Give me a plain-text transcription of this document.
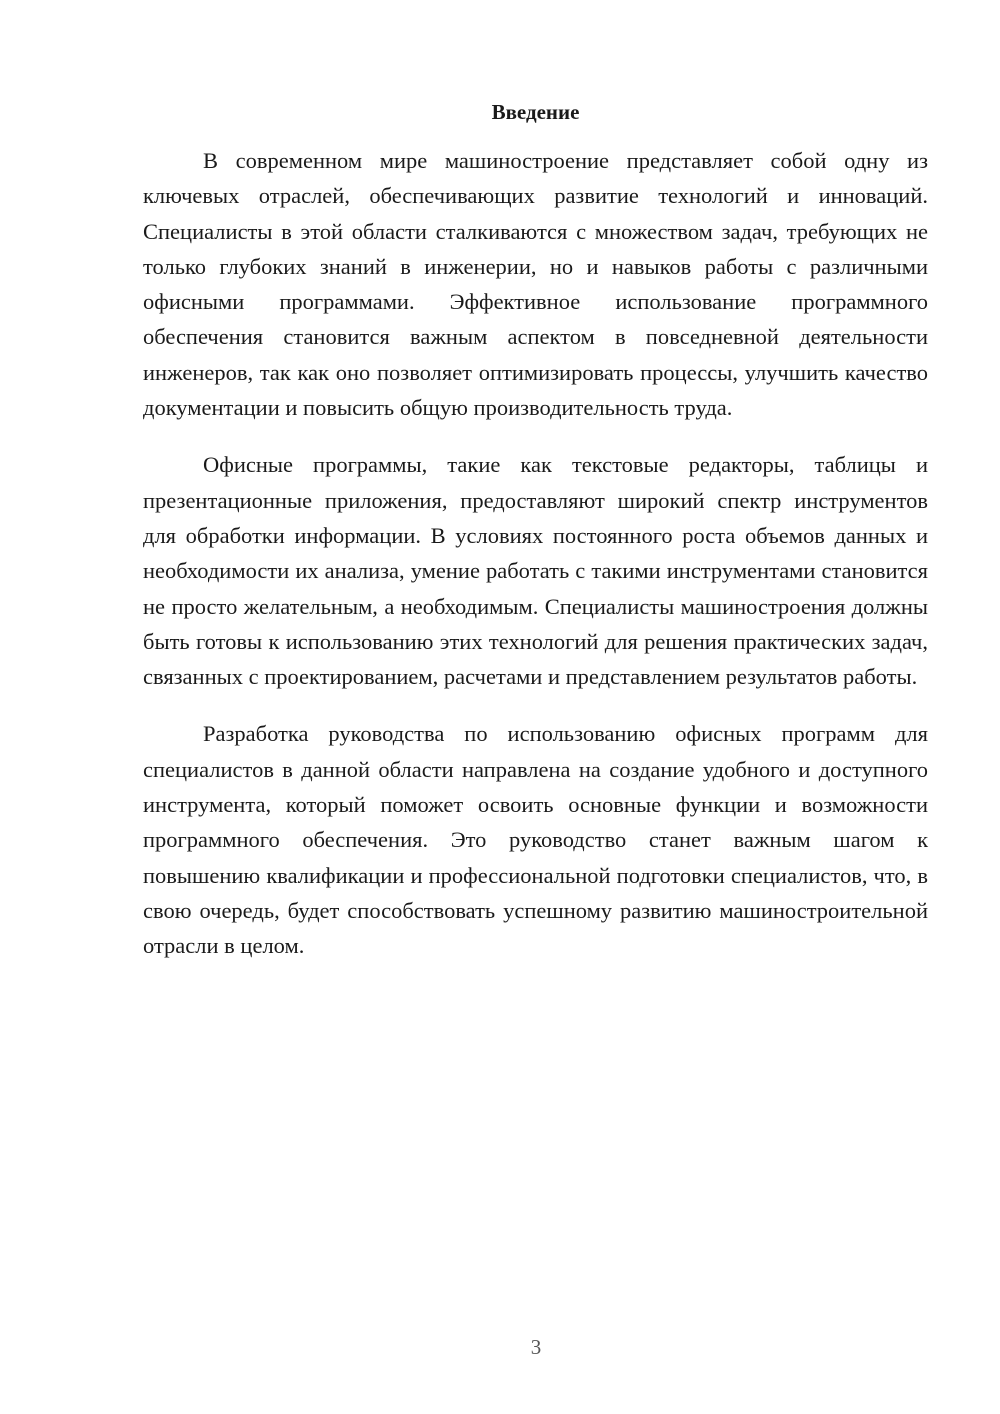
Введение

В современном мире машиностроение представляет собой одну из ключевых отраслей, обеспечивающих развитие технологий и инноваций. Специалисты в этой области сталкиваются с множеством задач, требующих не только глубоких знаний в инженерии, но и навыков работы с различными офисными программами. Эффективное использование программного обеспечения становится важным аспектом в повседневной деятельности инженеров, так как оно позволяет оптимизировать процессы, улучшить качество документации и повысить общую производительность труда.

Офисные программы, такие как текстовые редакторы, таблицы и презентационные приложения, предоставляют широкий спектр инструментов для обработки информации. В условиях постоянного роста объемов данных и необходимости их анализа, умение работать с такими инструментами становится не просто желательным, а необходимым. Специалисты машиностроения должны быть готовы к использованию этих технологий для решения практических задач, связанных с проектированием, расчетами и представлением результатов работы.

Разработка руководства по использованию офисных программ для специалистов в данной области направлена на создание удобного и доступного инструмента, который поможет освоить основные функции и возможности программного обеспечения. Это руководство станет важным шагом к повышению квалификации и профессиональной подготовки специалистов, что, в свою очередь, будет способствовать успешному развитию машиностроительной отрасли в целом.

3
